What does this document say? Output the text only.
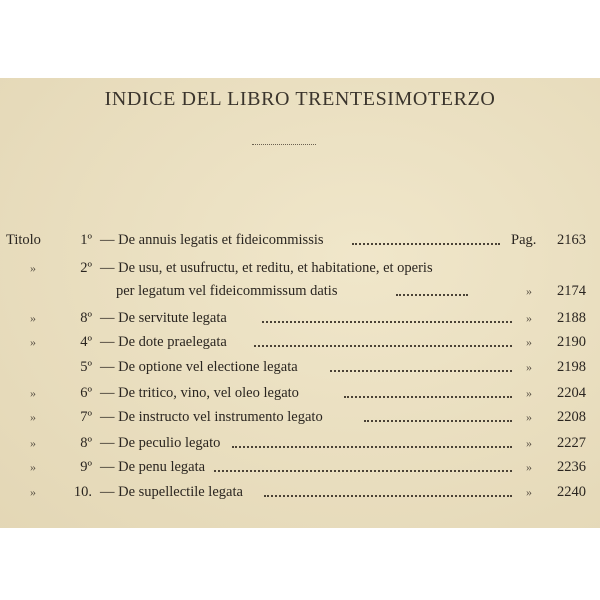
INDICE DEL LIBRO TRENTESIMOTERZO
Titolo	1º — De annuis legatis et fideicommissis	Pag. 2163
»	2º — De usu, et usufructu, et reditu, et habitatione, et operis
per legatum vel fideicommissum datis	» 2174
»	8º — De servitute legata	» 2188
»	4º — De dote praelegata	» 2190
5º — De optione vel electione legata	» 2198
»	6º — De tritico, vino, vel oleo legato	» 2204
»	7º — De instructo vel instrumento legato	» 2208
»	8º — De peculio legato	» 2227
»	9º — De penu legata	» 2236
»	10. — De supellectile legata	» 2240
